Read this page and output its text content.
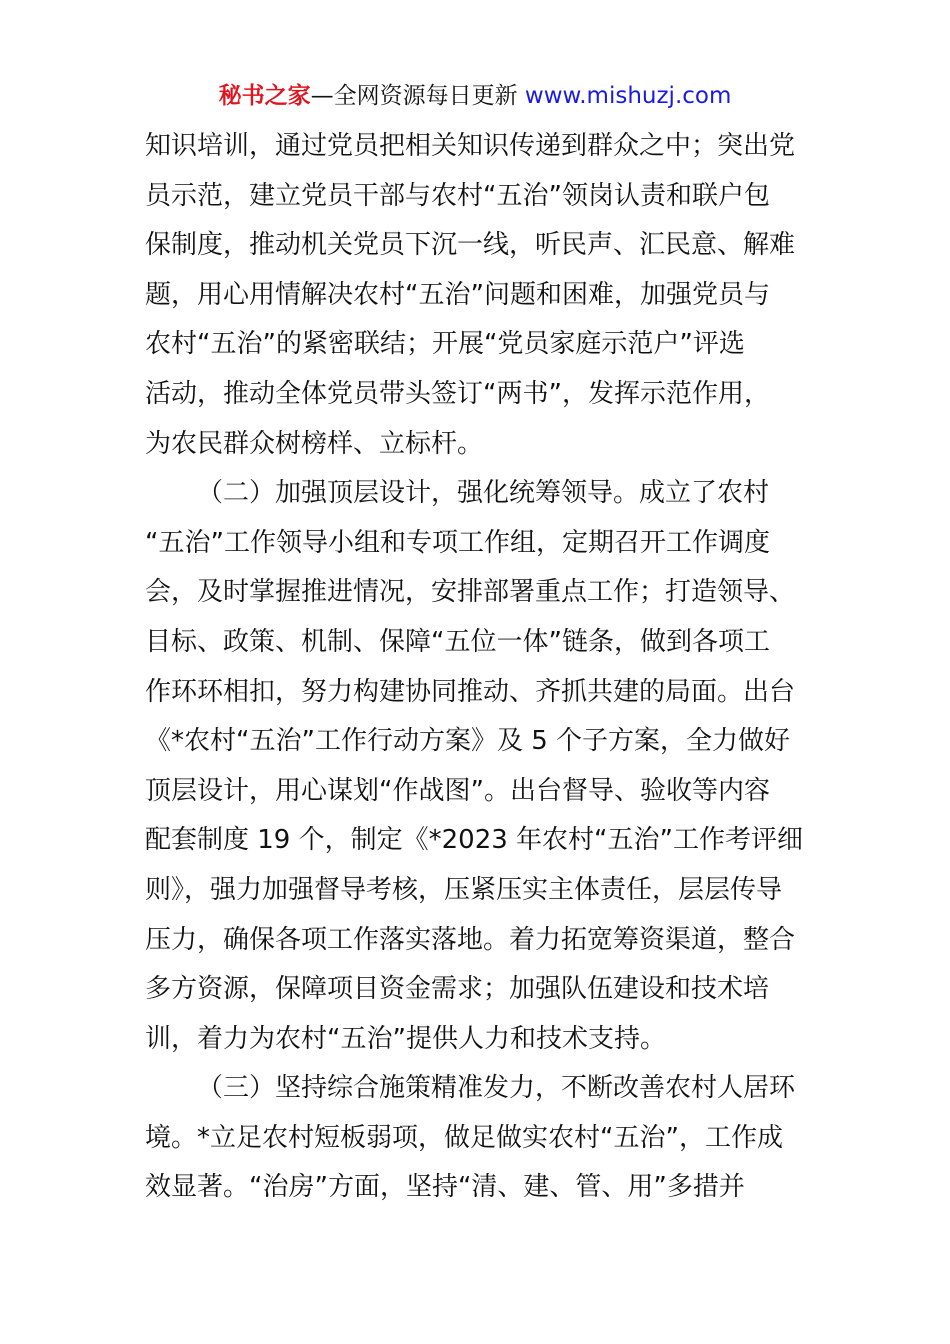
秘书之家—全网资源每日更新 www.mishuzj.com
知识培训，通过党员把相关知识传递到群众之中；突出党
员示范，建立党员干部与农村“五治”领岗认责和联户包
保制度，推动机关党员下沉一线，听民声、汇民意、解难
题，用心用情解决农村“五治”问题和困难，加强党员与
农村“五治”的紧密联结；开展“党员家庭示范户”评选
活动，推动全体党员带头签订“两书”，发挥示范作用，
为农民群众树榜样、立标杆。
（二）加强顶层设计，强化统筹领导。成立了农村
“五治”工作领导小组和专项工作组，定期召开工作调度
会，及时掌握推进情况，安排部署重点工作；打造领导、
目标、政策、机制、保障“五位一体”链条，做到各项工
作环环相扣，努力构建协同推动、齐抓共建的局面。出台
《*农村“五治”工作行动方案》及 5 个子方案，全力做好
顶层设计，用心谋划“作战图”。出台督导、验收等内容
配套制度 19 个，制定《*2023 年农村“五治”工作考评细
则》，强力加强督导考核，压紧压实主体责任，层层传导
压力，确保各项工作落实落地。着力拓宽筹资渠道，整合
多方资源，保障项目资金需求；加强队伍建设和技术培
训，着力为农村“五治”提供人力和技术支持。
（三）坚持综合施策精准发力，不断改善农村人居环
境。*立足农村短板弱项，做足做实农村“五治”，工作成
效显著。“治房”方面，坚持“清、建、管、用”多措并
